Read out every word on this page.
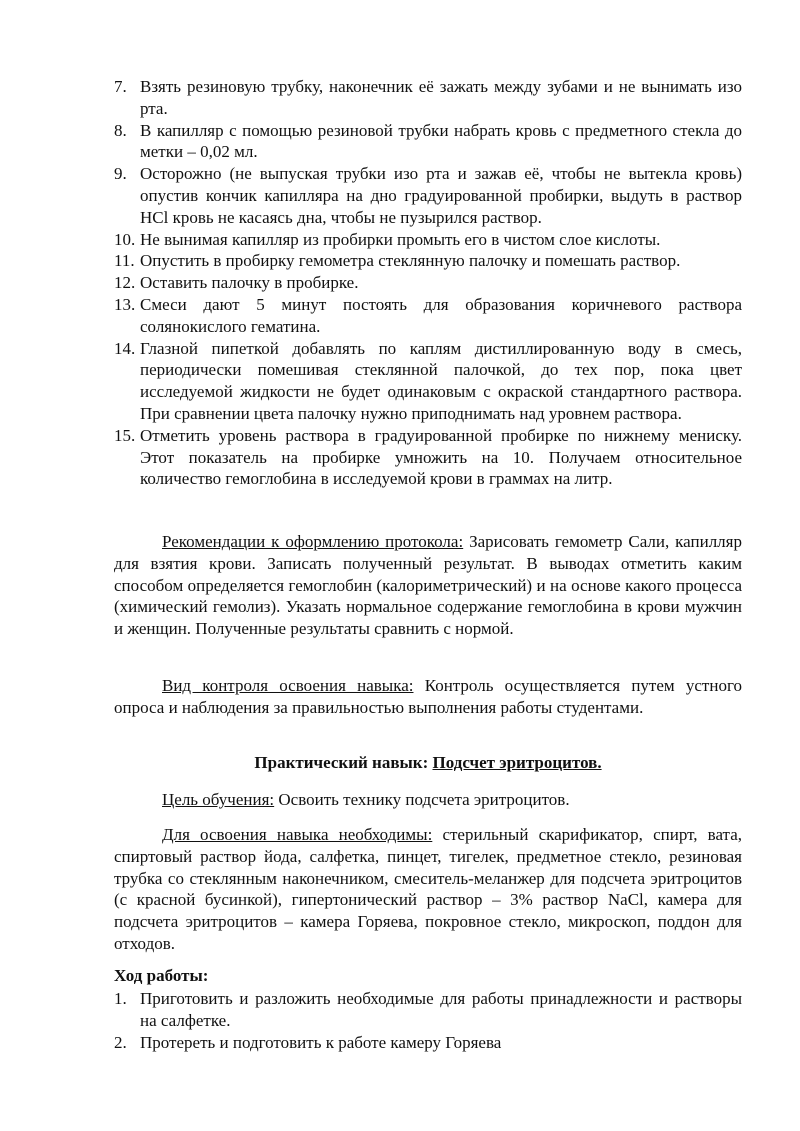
7. Взять резиновую трубку, наконечник её зажать между зубами и не вынимать изо рта.
8. В капилляр с помощью резиновой трубки набрать кровь с предметного стекла до метки – 0,02 мл.
9. Осторожно (не выпуская трубки изо рта и зажав её, чтобы не вытекла кровь) опустив кончик капилляра на дно градуированной пробирки, выдуть в раствор HCl кровь не касаясь дна, чтобы не пузырился раствор.
10. Не вынимая капилляр из пробирки промыть его в чистом слое кислоты.
11. Опустить в пробирку гемометра стеклянную палочку и помешать раствор.
12. Оставить палочку в пробирке.
13. Смеси дают 5 минут постоять для образования коричневого раствора солянокислого гематина.
14. Глазной пипеткой добавлять по каплям дистиллированную воду в смесь, периодически помешивая стеклянной палочкой, до тех пор, пока цвет исследуемой жидкости не будет одинаковым с окраской стандартного раствора. При сравнении цвета палочку нужно приподнимать над уровнем раствора.
15. Отметить уровень раствора в градуированной пробирке по нижнему мениску. Этот показатель на пробирке умножить на 10. Получаем относительное количество гемоглобина в исследуемой крови в граммах на литр.

Рекомендации к оформлению протокола: Зарисовать гемометр Сали, капилляр для взятия крови. Записать полученный результат. В выводах отметить каким способом определяется гемоглобин (калориметрический) и на основе какого процесса (химический гемолиз). Указать нормальное содержание гемоглобина в крови мужчин и женщин. Полученные результаты сравнить с нормой.

Вид контроля освоения навыка: Контроль осуществляется путем устного опроса и наблюдения за правильностью выполнения работы студентами.

Практический навык: Подсчет эритроцитов.

Цель обучения: Освоить технику подсчета эритроцитов.

Для освоения навыка необходимы: стерильный скарификатор, спирт, вата, спиртовый раствор йода, салфетка, пинцет, тигелек, предметное стекло, резиновая трубка со стеклянным наконечником, смеситель-меланжер для подсчета эритроцитов (с красной бусинкой), гипертонический раствор – 3% раствор NaCl, камера для подсчета эритроцитов – камера Горяева, покровное стекло, микроскоп, поддон для отходов.

Ход работы:
1. Приготовить и разложить необходимые для работы принадлежности и растворы на салфетке.
2. Протереть и подготовить к работе камеру Горяева
